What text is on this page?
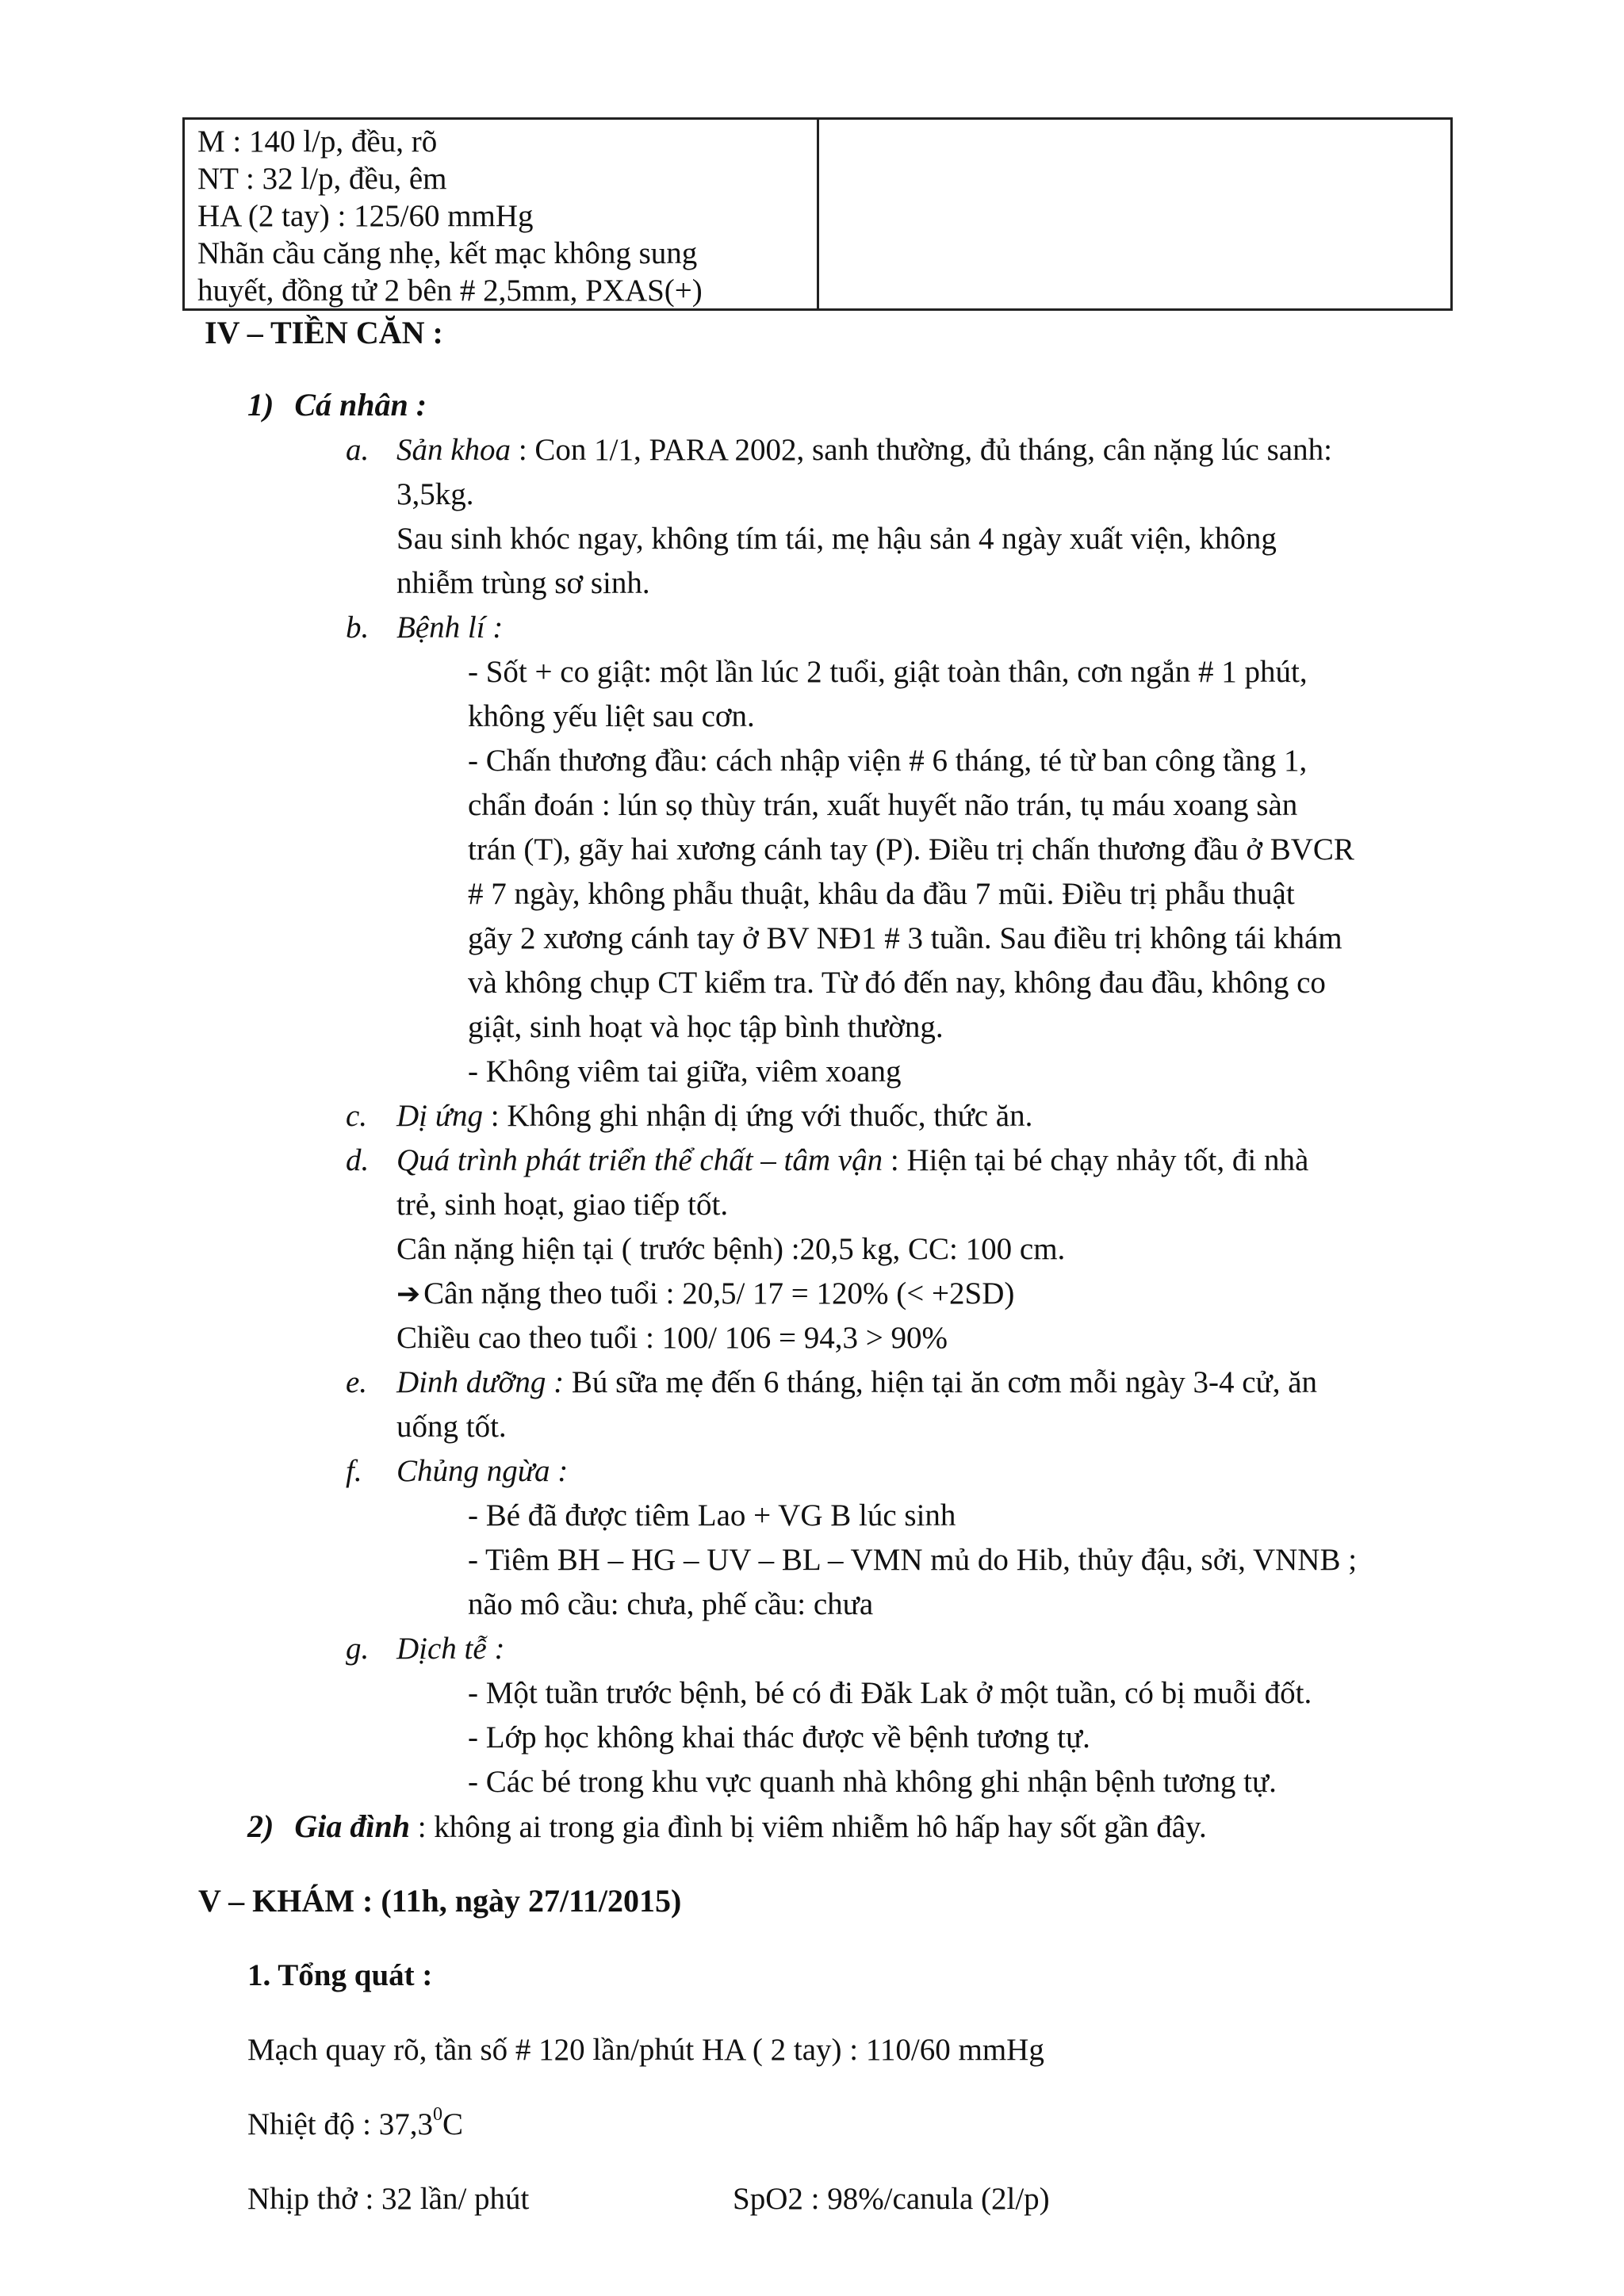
M : 140 l/p, đều, rõ
NT : 32 l/p, đều, êm
HA (2 tay) : 125/60 mmHg
Nhãn cầu căng nhẹ, kết mạc không sung
huyết, đồng tử 2 bên # 2,5mm, PXAS(+)
IV – TIỀN CĂN :
1) Cá nhân :
a. Sản khoa : Con 1/1, PARA 2002, sanh thường, đủ tháng, cân nặng lúc sanh:
3,5kg.
Sau sinh khóc ngay, không tím tái, mẹ hậu sản 4 ngày xuất viện, không
nhiễm trùng sơ sinh.
b. Bệnh lí :
- Sốt + co giật: một lần lúc 2 tuổi, giật toàn thân, cơn ngắn # 1 phút,
không yếu liệt sau cơn.
- Chấn thương đầu: cách nhập viện # 6 tháng, té từ ban công tầng 1,
chẩn đoán : lún sọ thùy trán, xuất huyết não trán, tụ máu xoang sàn
trán (T), gãy hai xương cánh tay (P). Điều trị chấn thương đầu ở BVCR
# 7 ngày, không phẫu thuật, khâu da đầu 7 mũi. Điều trị phẫu thuật
gãy 2 xương cánh tay ở BV NĐ1 # 3 tuần. Sau điều trị không tái khám
và không chụp CT kiểm tra. Từ đó đến nay, không đau đầu, không co
giật, sinh hoạt và học tập bình thường.
- Không viêm tai giữa, viêm xoang
c. Dị ứng : Không ghi nhận dị ứng với thuốc, thức ăn.
d. Quá trình phát triển thể chất – tâm vận : Hiện tại bé chạy nhảy tốt, đi nhà
trẻ, sinh hoạt, giao tiếp tốt.
Cân nặng hiện tại ( trước bệnh) :20,5 kg, CC: 100 cm.
➔ Cân nặng theo tuổi : 20,5/ 17 = 120% (< +2SD)
Chiều cao theo tuổi : 100/ 106 = 94,3 > 90%
e. Dinh dưỡng : Bú sữa mẹ đến 6 tháng, hiện tại ăn cơm mỗi ngày 3-4 cử, ăn
uống tốt.
f. Chủng ngừa :
- Bé đã được tiêm Lao + VG B lúc sinh
- Tiêm BH – HG – UV – BL – VMN mủ do Hib, thủy đậu, sởi, VNNB ;
não mô cầu: chưa, phế cầu: chưa
g. Dịch tễ :
- Một tuần trước bệnh, bé có đi Đăk Lak ở một tuần, có bị muỗi đốt.
- Lớp học không khai thác được về bệnh tương tự.
- Các bé trong khu vực quanh nhà không ghi nhận bệnh tương tự.
2) Gia đình : không ai trong gia đình bị viêm nhiễm hô hấp hay sốt gần đây.
V – KHÁM : (11h, ngày 27/11/2015)
1. Tổng quát :
Mạch quay rõ, tần số # 120 lần/phút HA ( 2 tay) : 110/60 mmHg
Nhiệt độ : 37,3$^0$C
Nhịp thở : 32 lần/ phút	SpO2 : 98%/canula (2l/p)
